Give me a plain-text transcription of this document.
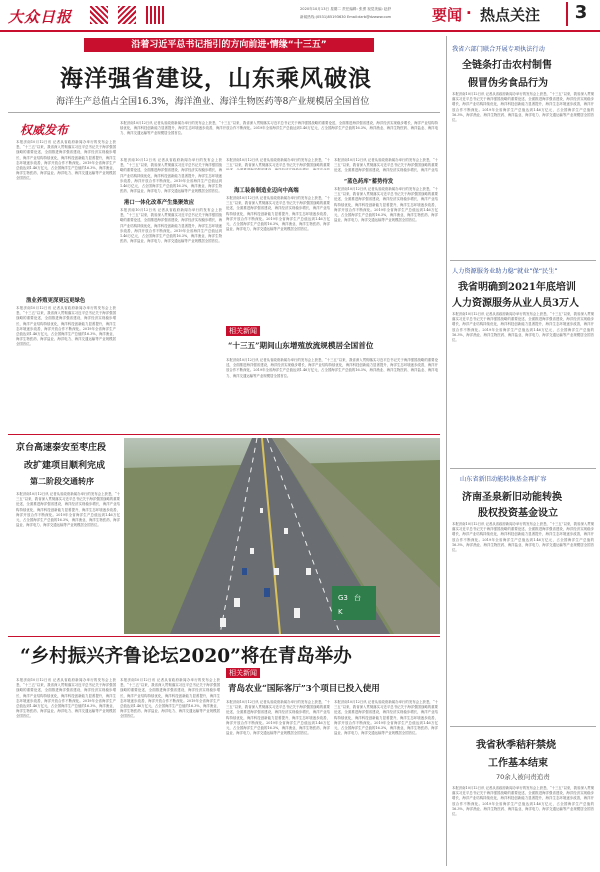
大众日报	2020年10月13日 星期二 责任编辑: 张勇 视觉美编: 赵舒
新闻热线:(0531)85193630 Email:dzrb@dzwww.com	要闻 · 热点关注	3
沿着习近平总书记指引的方向前进·情缘“十三五”
海洋强省建设，山东乘风破浪
海洋生产总值占全国16.3%，海洋渔业、海洋生物医药等8产业规模居全国首位
权威发布
本报济南10月12日讯 记者从省政府新闻办举行的发布会上获悉，“十三五”以来，我省深入贯彻落实习近平总书记关于海洋强国战略的重要论述，全面推进海洋强省建设，海洋经济实现稳步增长，海洋产业结构持续优化，海洋科技创新能力显著提升，海洋生态环境逐步改善，海洋开放合作不断深化。2019年全省海洋生产总值达到1.46万亿元，占全国海洋生产总值的16.3%，海洋渔业、海洋生物医药、海洋盐业、海洋电力、海洋交通运输等产业规模居全国首位。
渔业养殖更深更远更绿色
本报济南10月12日讯 记者从省政府新闻办举行的发布会上获悉，“十三五”以来，我省深入贯彻落实习近平总书记关于海洋强国战略的重要论述，全面推进海洋强省建设，海洋经济实现稳步增长，海洋产业结构持续优化，海洋科技创新能力显著提升，海洋生态环境逐步改善，海洋开放合作不断深化。2019年全省海洋生产总值达到1.46万亿元，占全国海洋生产总值的16.3%，海洋渔业、海洋生物医药、海洋盐业、海洋电力、海洋交通运输等产业规模居全国首位。
本报济南10月12日讯 记者从省政府新闻办举行的发布会上获悉，“十三五”以来，我省深入贯彻落实习近平总书记关于海洋强国战略的重要论述，全面推进海洋强省建设，海洋经济实现稳步增长，海洋产业结构持续优化，海洋科技创新能力显著提升，海洋生态环境逐步改善，海洋开放合作不断深化。2019年全省海洋生产总值达到1.46万亿元，占全国海洋生产总值的16.3%，海洋渔业、海洋生物医药、海洋盐业、海洋电力、海洋交通运输等产业规模居全国首位。
本报济南10月12日讯 记者从省政府新闻办举行的发布会上获悉，“十三五”以来，我省深入贯彻落实习近平总书记关于海洋强国战略的重要论述，全面推进海洋强省建设，海洋经济实现稳步增长，海洋产业结构持续优化，海洋科技创新能力显著提升，海洋生态环境逐步改善，海洋开放合作不断深化。2019年全省海洋生产总值达到1.46万亿元，占全国海洋生产总值的16.3%，海洋渔业、海洋生物医药、海洋盐业、海洋电力、海洋交通运输等产业规模居全国首位。
港口一体化改革产生集聚效应
本报济南10月12日讯 记者从省政府新闻办举行的发布会上获悉，“十三五”以来，我省深入贯彻落实习近平总书记关于海洋强国战略的重要论述，全面推进海洋强省建设，海洋经济实现稳步增长，海洋产业结构持续优化，海洋科技创新能力显著提升，海洋生态环境逐步改善，海洋开放合作不断深化。2019年全省海洋生产总值达到1.46万亿元，占全国海洋生产总值的16.3%，海洋渔业、海洋生物医药、海洋盐业、海洋电力、海洋交通运输等产业规模居全国首位。
本报济南10月12日讯 记者从省政府新闻办举行的发布会上获悉，“十三五”以来，我省深入贯彻落实习近平总书记关于海洋强国战略的重要
海工装备制造业迈向中高端
本报济南10月12日讯 记者从省政府新闻办举行的发布会上获悉，“十三五”以来，我省深入贯彻落实习近平总书记关于海洋强国战略的重要论述，全面推进海洋强省建设，海洋经济实现稳步增长，海洋产业结构持续优化，海洋科技创新能力显著提升，海洋生态环境逐步改善，海洋开放合作不断深化。2019年全省海洋生产总值达到1.46万亿元，占全国海洋生产总值的16.3%，海洋渔业、海洋生物医药、海洋盐业、海洋电力、海洋交通运输等产业规模居全国首位。
本报济南10月12日讯 记者从省政府新闻办举行的发布会上获悉，“十三五”以来，我省深入贯彻落实习近平总书记关于海洋强国战略的重要论述，全面推进海洋强省建设，海洋经济实现稳步增长，海洋产业结
“蓝色药库”蓄势待发
本报济南10月12日讯 记者从省政府新闻办举行的发布会上获悉，“十三五”以来，我省深入贯彻落实习近平总书记关于海洋强国战略的重要论述，全面推进海洋强省建设，海洋经济实现稳步增长，海洋产业结构持续优化，海洋科技创新能力显著提升，海洋生态环境逐步改善，海洋开放合作不断深化。2019年全省海洋生产总值达到1.46万亿元，占全国海洋生产总值的16.3%，海洋渔业、海洋生物医药、海洋盐业、海洋电力、海洋交通运输等产业规模居全国首位。
相关新闻
“十三五”期间山东增殖放流规模居全国首位
本报济南10月12日讯 记者从省政府新闻办举行的发布会上获悉，“十三五”以来，我省深入贯彻落实习近平总书记关于海洋强国战略的重要论述，全面推进海洋强省建设，海洋经济实现稳步增长，海洋产业结构持续优化，海洋科技创新能力显著提升，海洋生态环境逐步改善，海洋开放合作不断深化。2019年全省海洋生产总值达到1.46万亿元，占全国海洋生产总值的16.3%，海洋渔业、海洋生物医药、海洋盐业、海洋电力、海洋交通运输等产业规模居全国首位。
京台高速泰安至枣庄段
改扩建项目顺利完成
第二阶段交通转序
本报济南10月12日讯 记者从省政府新闻办举行的发布会上获悉，“十三五”以来，我省深入贯彻落实习近平总书记关于海洋强国战略的重要论述，全面推进海洋强省建设，海洋经济实现稳步增长，海洋产业结构持续优化，海洋科技创新能力显著提升，海洋生态环境逐步改善，海洋开放合作不断深化。2019年全省海洋生产总值达到1.46万亿元，占全国海洋生产总值的16.3%，海洋渔业、海洋生物医药、海洋盐业、海洋电力、海洋交通运输等产业规模居全国首位。
G3 台
K
“乡村振兴齐鲁论坛2020”将在青岛举办
本报济南10月12日讯 记者从省政府新闻办举行的发布会上获悉，“十三五”以来，我省深入贯彻落实习近平总书记关于海洋强国战略的重要论述，全面推进海洋强省建设，海洋经济实现稳步增长，海洋产业结构持续优化，海洋科技创新能力显著提升，海洋生态环境逐步改善，海洋开放合作不断深化。2019年全省海洋生产总值达到1.46万亿元，占全国海洋生产总值的16.3%，海洋渔业、海洋生物医药、海洋盐业、海洋电力、海洋交通运输等产业规模居全国首位。
本报济南10月12日讯 记者从省政府新闻办举行的发布会上获悉，“十三五”以来，我省深入贯彻落实习近平总书记关于海洋强国战略的重要论述，全面推进海洋强省建设，海洋经济实现稳步增长，海洋产业结构持续优化，海洋科技创新能力显著提升，海洋生态环境逐步改善，海洋开放合作不断深化。2019年全省海洋生产总值达到1.46万亿元，占全国海洋生产总值的16.3%，海洋渔业、海洋生物医药、海洋盐业、海洋电力、海洋交通运输等产业规模居全国首位。
相关新闻
青岛农业“国际客厅”3个项目已投入使用
本报济南10月12日讯 记者从省政府新闻办举行的发布会上获悉，“十三五”以来，我省深入贯彻落实习近平总书记关于海洋强国战略的重要论述，全面推进海洋强省建设，海洋经济实现稳步增长，海洋产业结构持续优化，海洋科技创新能力显著提升，海洋生态环境逐步改善，海洋开放合作不断深化。2019年全省海洋生产总值达到1.46万亿元，占全国海洋生产总值的16.3%，海洋渔业、海洋生物医药、海洋盐业、海洋电力、海洋交通运输等产业规模居全国首位。
本报济南10月12日讯 记者从省政府新闻办举行的发布会上获悉，“十三五”以来，我省深入贯彻落实习近平总书记关于海洋强国战略的重要论述，全面推进海洋强省建设，海洋经济实现稳步增长，海洋产业结构持续优化，海洋科技创新能力显著提升，海洋生态环境逐步改善，海洋开放合作不断深化。2019年全省海洋生产总值达到1.46万亿元，占全国海洋生产总值的16.3%，海洋渔业、海洋生物医药、海洋盐业、海洋电力、海洋交通运输等产业规模居全国首位。
我省六部门联合开展专项执法行动
全链条打击农村制售
假冒伪劣食品行为
本报济南10月12日讯 记者从省政府新闻办举行的发布会上获悉，“十三五”以来，我省深入贯彻落实习近平总书记关于海洋强国战略的重要论述，全面推进海洋强省建设，海洋经济实现稳步增长，海洋产业结构持续优化，海洋科技创新能力显著提升，海洋生态环境逐步改善，海洋开放合作不断深化。2019年全省海洋生产总值达到1.46万亿元，占全国海洋生产总值的16.3%，海洋渔业、海洋生物医药、海洋盐业、海洋电力、海洋交通运输等产业规模居全国首位。
人力资源服务业助力稳“就业”保“民生”
我省明确到2021年底培训
人力资源服务从业人员3万人
本报济南10月12日讯 记者从省政府新闻办举行的发布会上获悉，“十三五”以来，我省深入贯彻落实习近平总书记关于海洋强国战略的重要论述，全面推进海洋强省建设，海洋经济实现稳步增长，海洋产业结构持续优化，海洋科技创新能力显著提升，海洋生态环境逐步改善，海洋开放合作不断深化。2019年全省海洋生产总值达到1.46万亿元，占全国海洋生产总值的16.3%，海洋渔业、海洋生物医药、海洋盐业、海洋电力、海洋交通运输等产业规模居全国首位。
山东省新旧动能转换基金再扩容
济南圣泉新旧动能转换
股权投资基金设立
本报济南10月12日讯 记者从省政府新闻办举行的发布会上获悉，“十三五”以来，我省深入贯彻落实习近平总书记关于海洋强国战略的重要论述，全面推进海洋强省建设，海洋经济实现稳步增长，海洋产业结构持续优化，海洋科技创新能力显著提升，海洋生态环境逐步改善，海洋开放合作不断深化。2019年全省海洋生产总值达到1.46万亿元，占全国海洋生产总值的16.3%，海洋渔业、海洋生物医药、海洋盐业、海洋电力、海洋交通运输等产业规模居全国首位。
我省秋季秸秆禁烧
工作基本结束
70余人被问责追责
本报济南10月12日讯 记者从省政府新闻办举行的发布会上获悉，“十三五”以来，我省深入贯彻落实习近平总书记关于海洋强国战略的重要论述，全面推进海洋强省建设，海洋经济实现稳步增长，海洋产业结构持续优化，海洋科技创新能力显著提升，海洋生态环境逐步改善，海洋开放合作不断深化。2019年全省海洋生产总值达到1.46万亿元，占全国海洋生产总值的16.3%，海洋渔业、海洋生物医药、海洋盐业、海洋电力、海洋交通运输等产业规模居全国首位。
